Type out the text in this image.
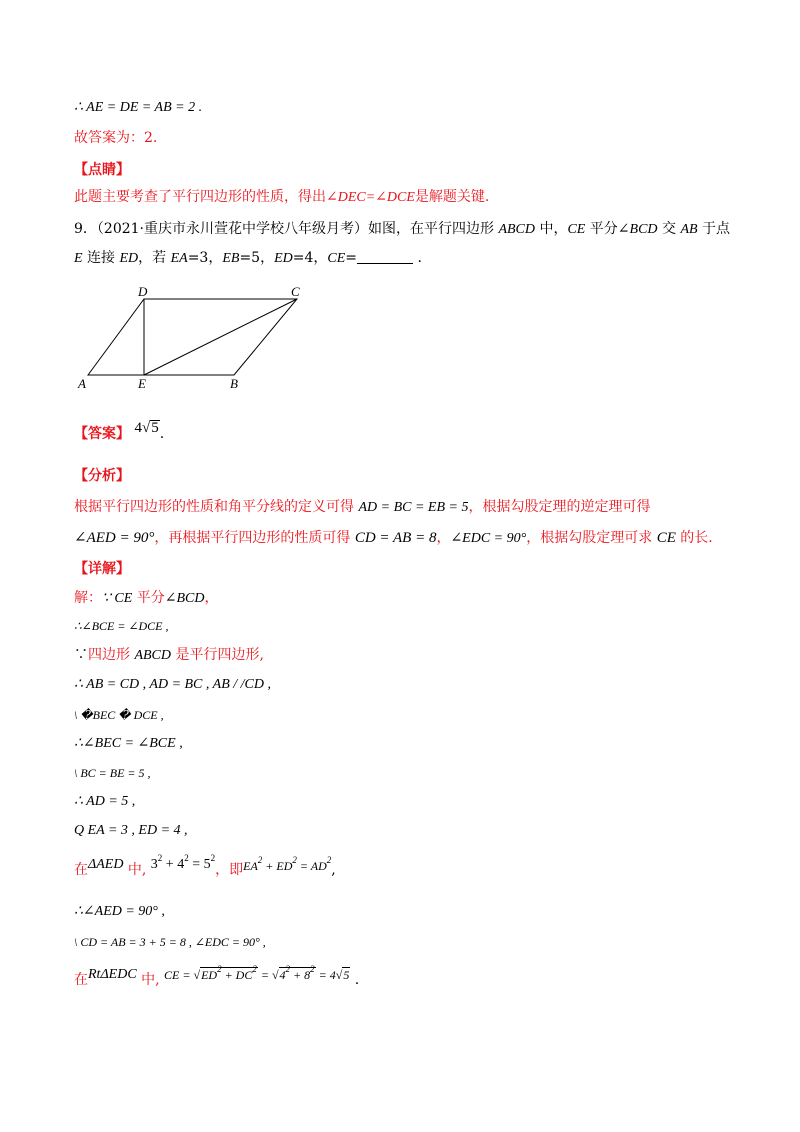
∴ AE = DE = AB = 2 .
故答案为：2.
【点睛】
此题主要考查了平行四边形的性质，得出∠DEC=∠DCE是解题关键.
9．（2021·重庆市永川萱花中学校八年级月考）如图，在平行四边形 ABCD 中，CE 平分∠BCD 交 AB 于点
E 连接 ED，若 EA=3，EB=5，ED=4，CE=	.
A	E	B
D	C
【答案】 4√5.
【分析】
根据平行四边形的性质和角平分线的定义可得 AD = BC = EB = 5，根据勾股定理的逆定理可得
∠AED = 90°，再根据平行四边形的性质可得 CD = AB = 8，∠EDC = 90°，根据勾股定理可求 CE 的长.
【详解】
解：∵ CE 平分∠BCD，
∴∠BCE = ∠DCE ,
∵四边形 ABCD 是平行四边形,
∴ AB = CD , AD = BC , AB / /CD ,
\ �BEC � DCE ,
∴∠BEC = ∠BCE ,
\ BC = BE = 5 ,
∴ AD = 5 ,
Q EA = 3 , ED = 4 ,
在ΔAED 中, $3^2 + 4^2 = 5^2$，即$EA^2 + ED^2 = AD^2$,
∴∠AED = 90° ,
\ CD = AB = 3 + 5 = 8 , ∠EDC = 90° ,
在RtΔEDC 中, CE = $√ED^2 + DC^2 = √4^2 + 8^2 = 4√5$ .
